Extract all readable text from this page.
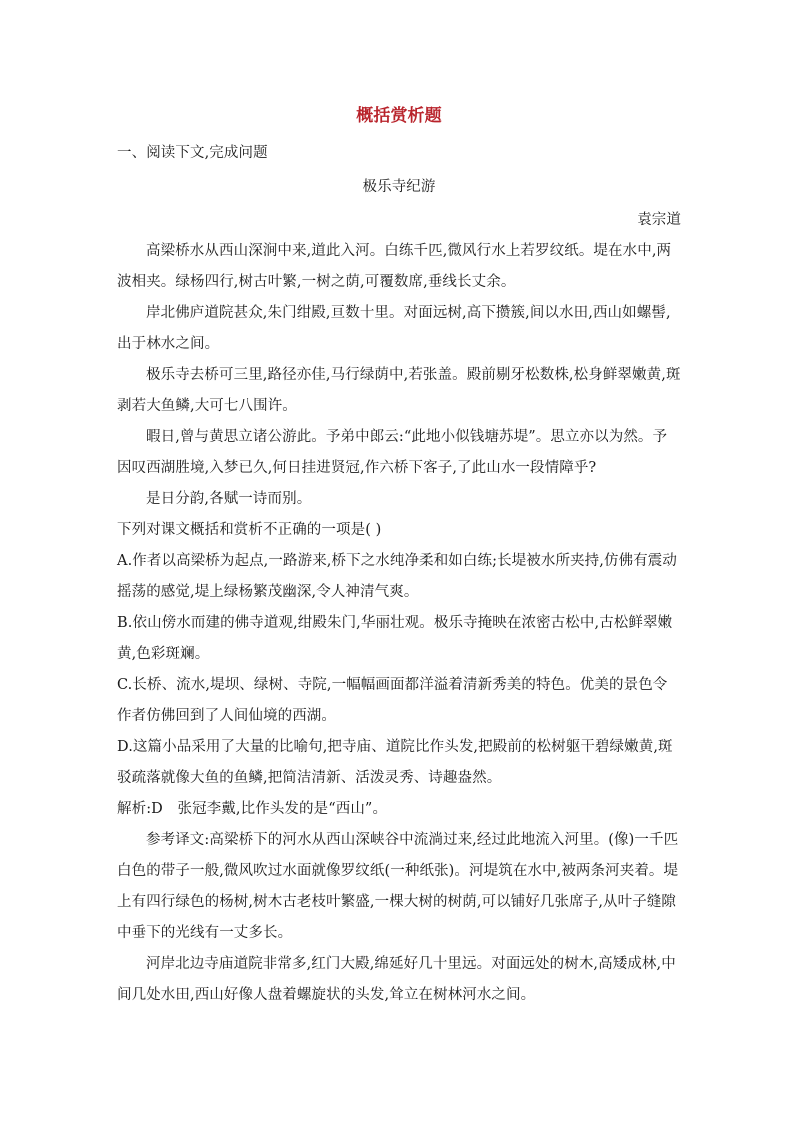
概括赏析题

一、阅读下文,完成问题

极乐寺纪游

袁宗道

高梁桥水从西山深涧中来,道此入河。白练千匹,微风行水上若罗纹纸。堤在水中,两波相夹。绿杨四行,树古叶繁,一树之荫,可覆数席,垂线长丈余。

岸北佛庐道院甚众,朱门绀殿,亘数十里。对面远树,高下攒簇,间以水田,西山如螺髻,出于林水之间。

极乐寺去桥可三里,路径亦佳,马行绿荫中,若张盖。殿前剔牙松数株,松身鲜翠嫩黄,斑剥若大鱼鳞,大可七八围许。

暇日,曾与黄思立诸公游此。予弟中郎云:“此地小似钱塘苏堤”。思立亦以为然。予因叹西湖胜境,入梦已久,何日挂进贤冠,作六桥下客子,了此山水一段情障乎?

是日分韵,各赋一诗而别。

下列对课文概括和赏析不正确的一项是( )

A.作者以高梁桥为起点,一路游来,桥下之水纯净柔和如白练;长堤被水所夹持,仿佛有震动摇荡的感觉,堤上绿杨繁茂幽深,令人神清气爽。

B.依山傍水而建的佛寺道观,绀殿朱门,华丽壮观。极乐寺掩映在浓密古松中,古松鲜翠嫩黄,色彩斑斓。

C.长桥、流水,堤坝、绿树、寺院,一幅幅画面都洋溢着清新秀美的特色。优美的景色令作者仿佛回到了人间仙境的西湖。

D.这篇小品采用了大量的比喻句,把寺庙、道院比作头发,把殿前的松树躯干碧绿嫩黄,斑驳疏落就像大鱼的鱼鳞,把简洁清新、活泼灵秀、诗趣盎然。

解析:D　张冠李戴,比作头发的是“西山”。

参考译文:高梁桥下的河水从西山深峡谷中流淌过来,经过此地流入河里。(像)一千匹白色的带子一般,微风吹过水面就像罗纹纸(一种纸张)。河堤筑在水中,被两条河夹着。堤上有四行绿色的杨树,树木古老枝叶繁盛,一棵大树的树荫,可以铺好几张席子,从叶子缝隙中垂下的光线有一丈多长。

河岸北边寺庙道院非常多,红门大殿,绵延好几十里远。对面远处的树木,高矮成林,中间几处水田,西山好像人盘着螺旋状的头发,耸立在树林河水之间。
